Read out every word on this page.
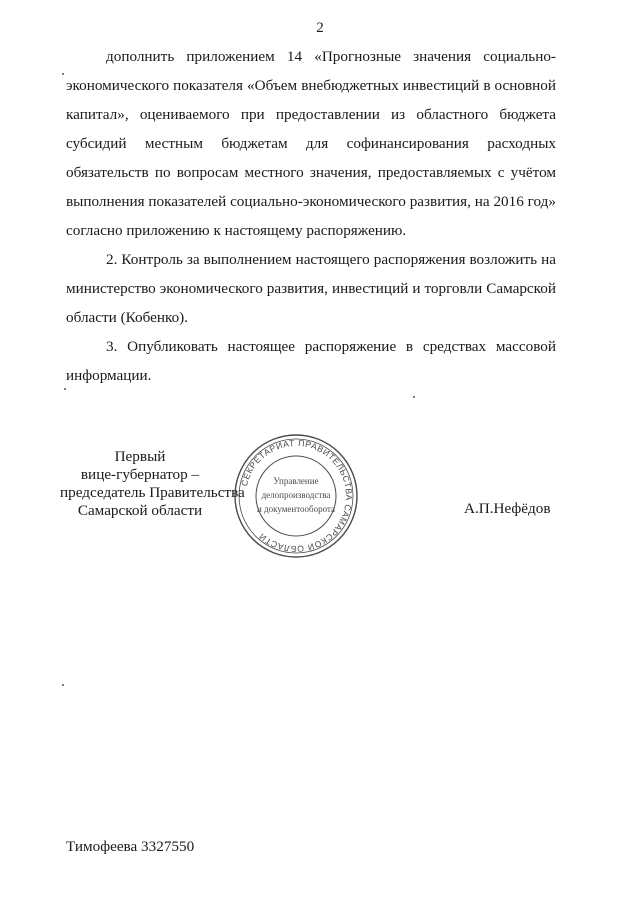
2

дополнить приложением 14 «Прогнозные значения социально-экономического показателя «Объем внебюджетных инвестиций в основной капитал», оцениваемого при предоставлении из областного бюджета субсидий местным бюджетам для софинансирования расходных обязательств по вопросам местного значения, предоставляемых с учётом выполнения показателей социально-экономического развития, на 2016 год» согласно приложению к настоящему распоряжению.

2. Контроль за выполнением настоящего распоряжения возложить на министерство экономического развития, инвестиций и торговли Самарской области (Кобенко).

3. Опубликовать настоящее распоряжение в средствах массовой информации.

Первый
вице-губернатор –
председатель Правительства
Самарской области
СЕКРЕТАРИАТ ПРАВИТЕЛЬСТВА САМАРСКОЙ ОБЛАСТИ
Управление
делопроизводства
и документооборота	А.П.Нефёдов
Тимофеева 3327550
